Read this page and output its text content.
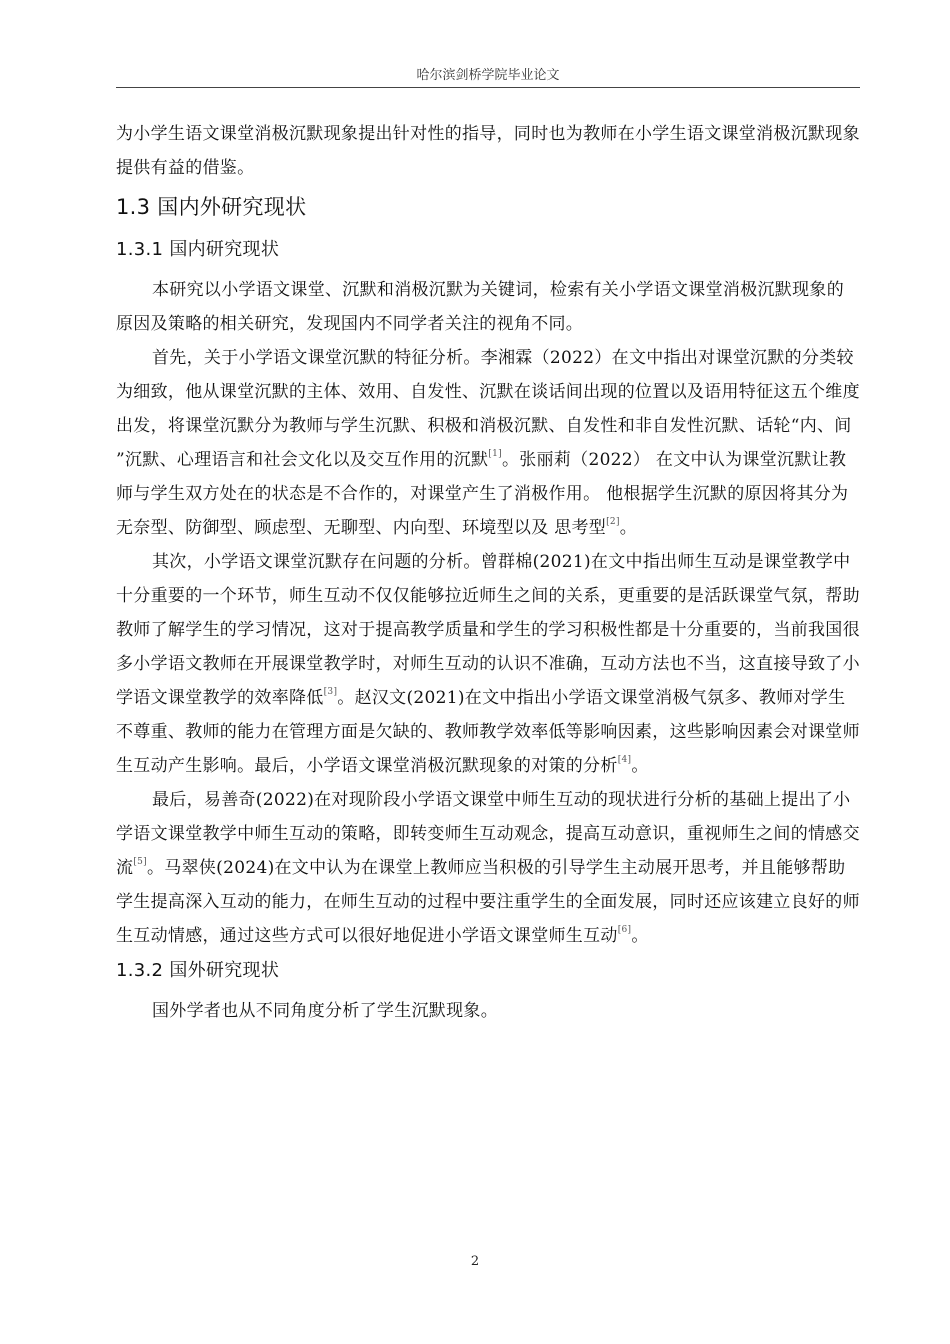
哈尔滨剑桥学院毕业论文

为小学生语文课堂消极沉默现象提出针对性的指导，同时也为教师在小学生语文课堂消极沉默现象提供有益的借鉴。

1.3 国内外研究现状
1.3.1 国内研究现状

本研究以小学语文课堂、沉默和消极沉默为关键词，检索有关小学语文课堂消极沉默现象的原因及策略的相关研究，发现国内不同学者关注的视角不同。

首先，关于小学语文课堂沉默的特征分析。李湘霖（2022）在文中指出对课堂沉默的分类较为细致，他从课堂沉默的主体、效用、自发性、沉默在谈话间出现的位置以及语用特征这五个维度出发，将课堂沉默分为教师与学生沉默、积极和消极沉默、自发性和非自发性沉默、话轮“内、间 ”沉默、心理语言和社会文化以及交互作用的沉默[1]。张丽莉（2022） 在文中认为课堂沉默让教师与学生双方处在的状态是不合作的，对课堂产生了消极作用。 他根据学生沉默的原因将其分为无奈型、防御型、顾虑型、无聊型、内向型、环境型以及 思考型[2]。

其次，小学语文课堂沉默存在问题的分析。曾群棉(2021)在文中指出师生互动是课堂教学中十分重要的一个环节，师生互动不仅仅能够拉近师生之间的关系，更重要的是活跃课堂气氛，帮助教师了解学生的学习情况，这对于提高教学质量和学生的学习积极性都是十分重要的，当前我国很多小学语文教师在开展课堂教学时，对师生互动的认识不准确，互动方法也不当，这直接导致了小学语文课堂教学的效率降低[3]。赵汉文(2021)在文中指出小学语文课堂消极气氛多、教师对学生不尊重、教师的能力在管理方面是欠缺的、教师教学效率低等影响因素，这些影响因素会对课堂师生互动产生影响。最后，小学语文课堂消极沉默现象的对策的分析[4]。

最后，易善奇(2022)在对现阶段小学语文课堂中师生互动的现状进行分析的基础上提出了小学语文课堂教学中师生互动的策略，即转变师生互动观念，提高互动意识，重视师生之间的情感交流[5]。马翠侠(2024)在文中认为在课堂上教师应当积极的引导学生主动展开思考，并且能够帮助学生提高深入互动的能力，在师生互动的过程中要注重学生的全面发展，同时还应该建立良好的师生互动情感，通过这些方式可以很好地促进小学语文课堂师生互动[6]。

1.3.2 国外研究现状

国外学者也从不同角度分析了学生沉默现象。

2
